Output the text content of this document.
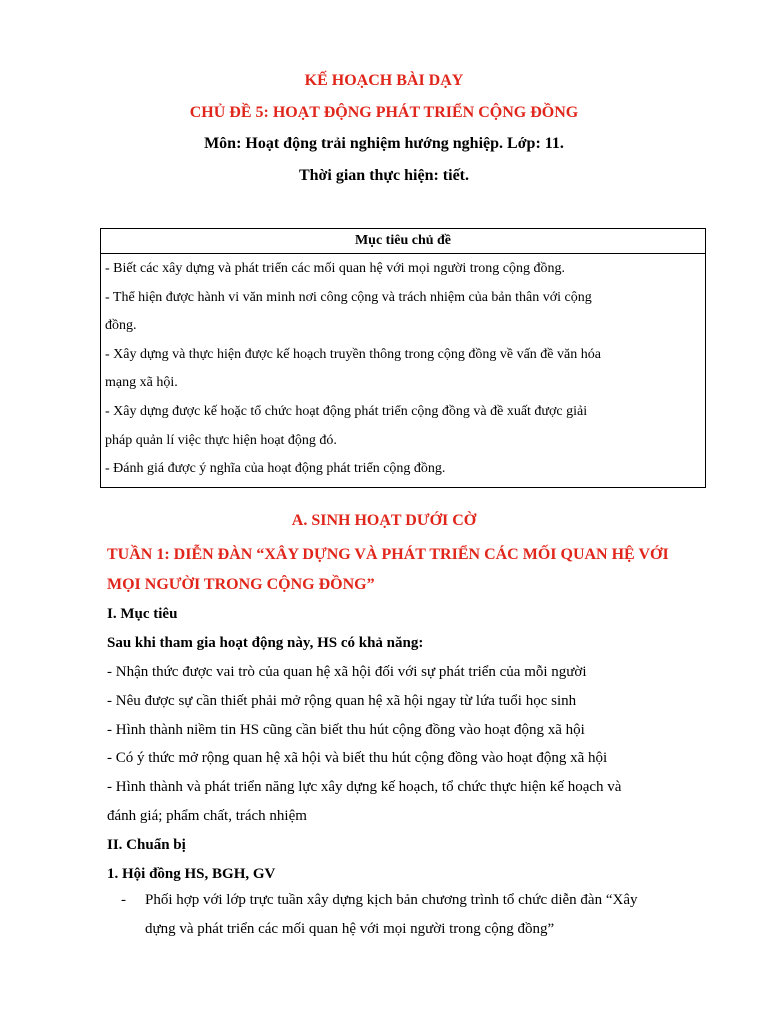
KẾ HOẠCH BÀI DẠY
CHỦ ĐỀ 5: HOẠT ĐỘNG PHÁT TRIỂN CỘNG ĐỒNG
Môn: Hoạt động trải nghiệm hướng nghiệp. Lớp: 11.
Thời gian thực hiện: tiết.
Mục tiêu chủ đề
- Biết các xây dựng và phát triển các mối quan hệ với mọi người trong cộng đồng.
- Thể hiện được hành vi văn minh nơi công cộng và trách nhiệm của bản thân với cộng
đồng.
- Xây dựng và thực hiện được kế hoạch truyền thông trong cộng đồng về vấn đề văn hóa
mạng xã hội.
- Xây dựng được kế hoặc tổ chức hoạt động phát triển cộng đồng và đề xuất được giải
pháp quản lí việc thực hiện hoạt động đó.
- Đánh giá được ý nghĩa của hoạt động phát triển cộng đồng.
A. SINH HOẠT DƯỚI CỜ
TUẦN 1: DIỄN ĐÀN “XÂY DỰNG VÀ PHÁT TRIỂN CÁC MỐI QUAN HỆ VỚI
MỌI NGƯỜI TRONG CỘNG ĐỒNG”
I. Mục tiêu
Sau khi tham gia hoạt động này, HS có khả năng:
- Nhận thức được vai trò của quan hệ xã hội đối với sự phát triển của mỗi người
- Nêu được sự cần thiết phải mở rộng quan hệ xã hội ngay từ lứa tuổi học sinh
- Hình thành niềm tin HS cũng cần biết thu hút cộng đồng vào hoạt động xã hội
- Có ý thức mở rộng quan hệ xã hội và biết thu hút cộng đồng vào hoạt động xã hội
- Hình thành và phát triển năng lực xây dựng kế hoạch, tổ chức thực hiện kế hoạch và
đánh giá; phẩm chất, trách nhiệm
II. Chuẩn bị
1. Hội đồng HS, BGH, GV
- Phối hợp với lớp trực tuần xây dựng kịch bản chương trình tổ chức diễn đàn “Xây
dựng và phát triển các mối quan hệ với mọi người trong cộng đồng”
